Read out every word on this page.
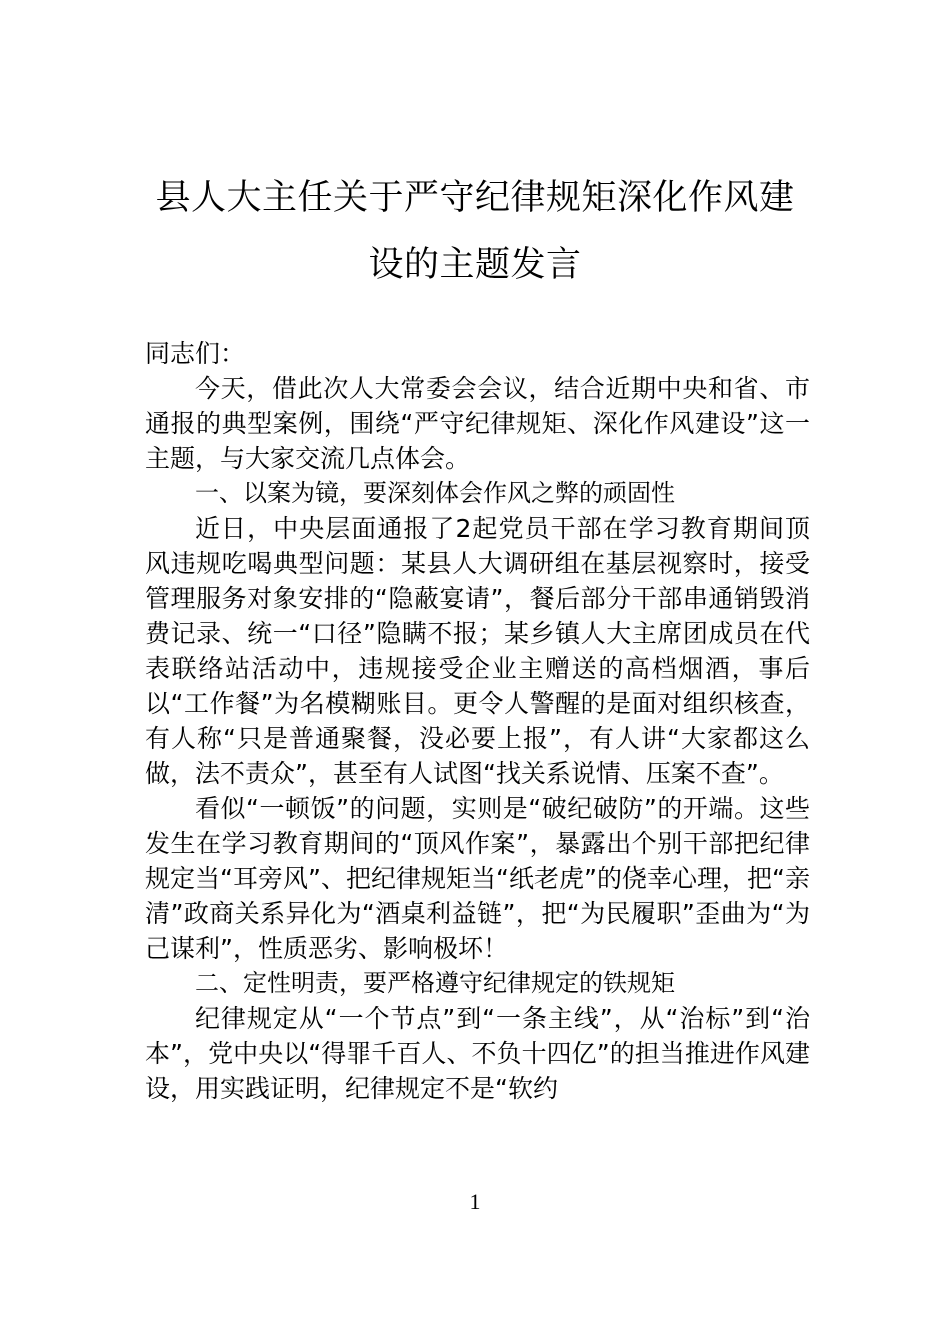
县人大主任关于严守纪律规矩深化作风建
设的主题发言

同志们：

今天，借此次人大常委会会议，结合近期中央和省、市通报的典型案例，围绕“严守纪律规矩、深化作风建设”这一主题，与大家交流几点体会。

一、以案为镜，要深刻体会作风之弊的顽固性

近日，中央层面通报了2起党员干部在学习教育期间顶风违规吃喝典型问题：某县人大调研组在基层视察时，接受管理服务对象安排的“隐蔽宴请”，餐后部分干部串通销毁消费记录、统一“口径”隐瞒不报；某乡镇人大主席团成员在代表联络站活动中，违规接受企业主赠送的高档烟酒，事后以“工作餐”为名模糊账目。更令人警醒的是面对组织核查，有人称“只是普通聚餐，没必要上报”，有人讲“大家都这么做，法不责众”，甚至有人试图“找关系说情、压案不查”。

看似“一顿饭”的问题，实则是“破纪破防”的开端。这些发生在学习教育期间的“顶风作案”，暴露出个别干部把纪律规定当“耳旁风”、把纪律规矩当“纸老虎”的侥幸心理，把“亲清”政商关系异化为“酒桌利益链”，把“为民履职”歪曲为“为己谋利”，性质恶劣、影响极坏！

二、定性明责，要严格遵守纪律规定的铁规矩

纪律规定从“一个节点”到“一条主线”，从“治标”到“治本”，党中央以“得罪千百人、不负十四亿”的担当推进作风建设，用实践证明，纪律规定不是“软约

1
